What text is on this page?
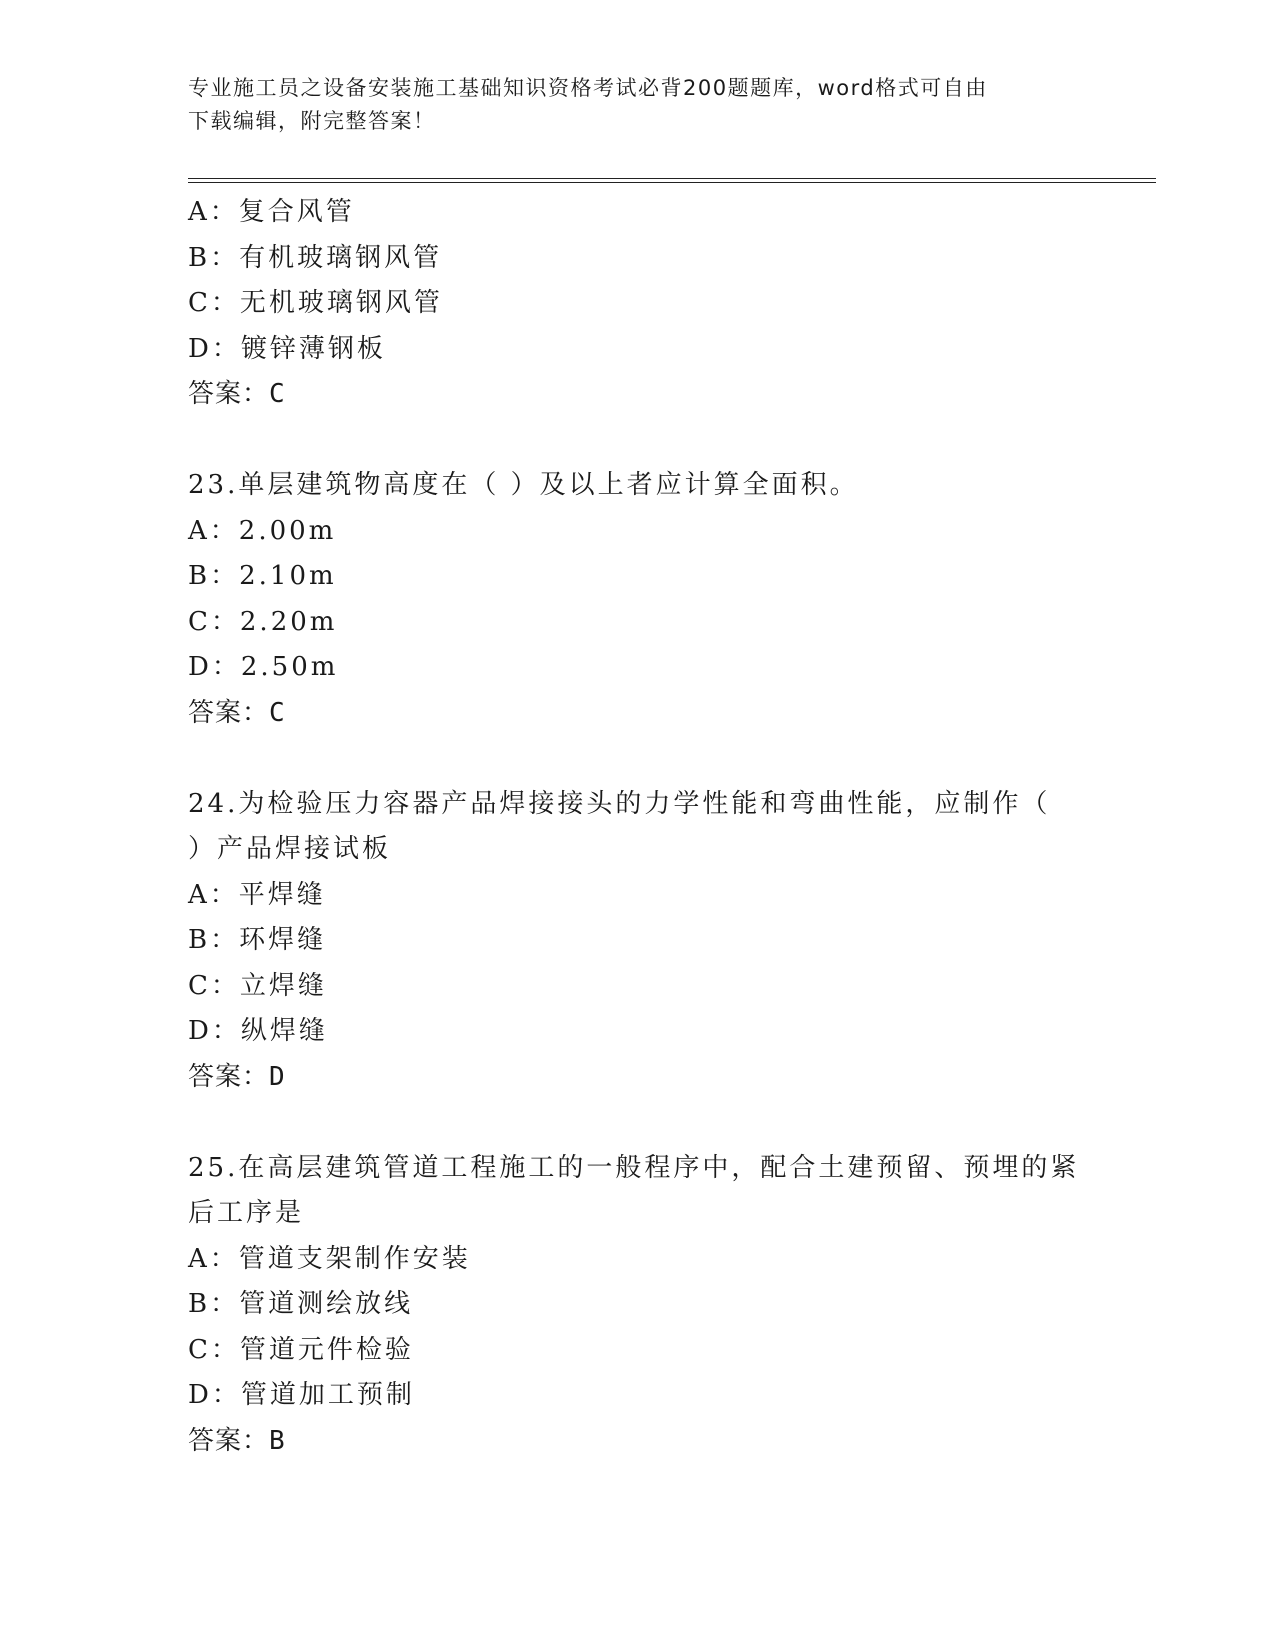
专业施工员之设备安装施工基础知识资格考试必背200题题库，word格式可自由
下载编辑，附完整答案！
A：复合风管
B：有机玻璃钢风管
C：无机玻璃钢风管
D：镀锌薄钢板
答案：C
23.单层建筑物高度在（ ）及以上者应计算全面积。
A：2.00m
B：2.10m
C：2.20m
D：2.50m
答案：C
24.为检验压力容器产品焊接接头的力学性能和弯曲性能，应制作（
）产品焊接试板
A：平焊缝
B：环焊缝
C：立焊缝
D：纵焊缝
答案：D
25.在高层建筑管道工程施工的一般程序中，配合土建预留、预埋的紧
后工序是
A：管道支架制作安装
B：管道测绘放线
C：管道元件检验
D：管道加工预制
答案：B
